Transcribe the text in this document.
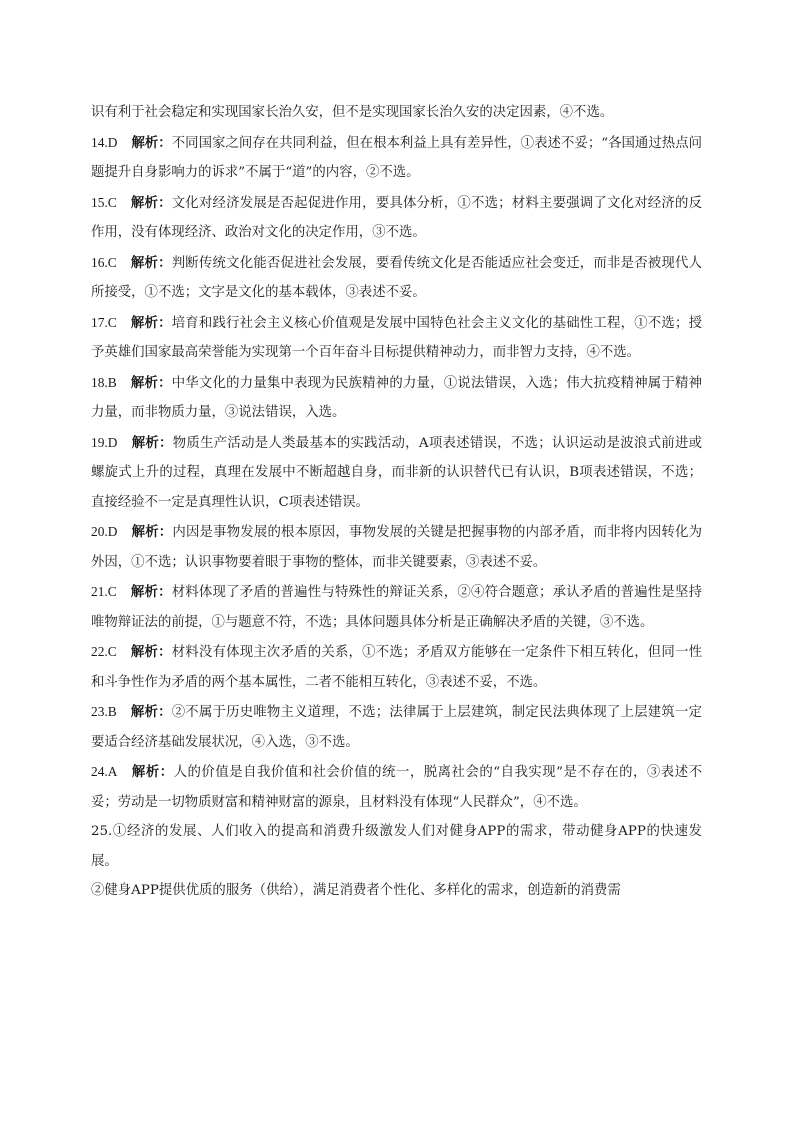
识有利于社会稳定和实现国家长治久安，但不是实现国家长治久安的决定因素，④不选。

14.D 解析：不同国家之间存在共同利益，但在根本利益上具有差异性，①表述不妥；“各国通过热点问题提升自身影响力的诉求”不属于“道”的内容，②不选。

15.C 解析：文化对经济发展是否起促进作用，要具体分析，①不选；材料主要强调了文化对经济的反作用，没有体现经济、政治对文化的决定作用，③不选。

16.C 解析：判断传统文化能否促进社会发展，要看传统文化是否能适应社会变迁，而非是否被现代人所接受，①不选；文字是文化的基本载体，③表述不妥。

17.C 解析：培育和践行社会主义核心价值观是发展中国特色社会主义文化的基础性工程，①不选；授予英雄们国家最高荣誉能为实现第一个百年奋斗目标提供精神动力，而非智力支持，④不选。

18.B 解析：中华文化的力量集中表现为民族精神的力量，①说法错误，入选；伟大抗疫精神属于精神力量，而非物质力量，③说法错误，入选。

19.D 解析：物质生产活动是人类最基本的实践活动，A项表述错误，不选；认识运动是波浪式前进或螺旋式上升的过程，真理在发展中不断超越自身，而非新的认识替代已有认识，B项表述错误，不选；直接经验不一定是真理性认识，C项表述错误。

20.D 解析：内因是事物发展的根本原因，事物发展的关键是把握事物的内部矛盾，而非将内因转化为外因，①不选；认识事物要着眼于事物的整体，而非关键要素，③表述不妥。

21.C 解析：材料体现了矛盾的普遍性与特殊性的辩证关系，②④符合题意；承认矛盾的普遍性是坚持唯物辩证法的前提，①与题意不符，不选；具体问题具体分析是正确解决矛盾的关键，③不选。

22.C 解析：材料没有体现主次矛盾的关系，①不选；矛盾双方能够在一定条件下相互转化，但同一性和斗争性作为矛盾的两个基本属性，二者不能相互转化，③表述不妥，不选。

23.B 解析：②不属于历史唯物主义道理，不选；法律属于上层建筑，制定民法典体现了上层建筑一定要适合经济基础发展状况，④入选，③不选。

24.A 解析：人的价值是自我价值和社会价值的统一，脱离社会的“自我实现”是不存在的，③表述不妥；劳动是一切物质财富和精神财富的源泉，且材料没有体现“人民群众”，④不选。

25.①经济的发展、人们收入的提高和消费升级激发人们对健身APP的需求，带动健身APP的快速发展。

②健身APP提供优质的服务（供给），满足消费者个性化、多样化的需求，创造新的消费需
